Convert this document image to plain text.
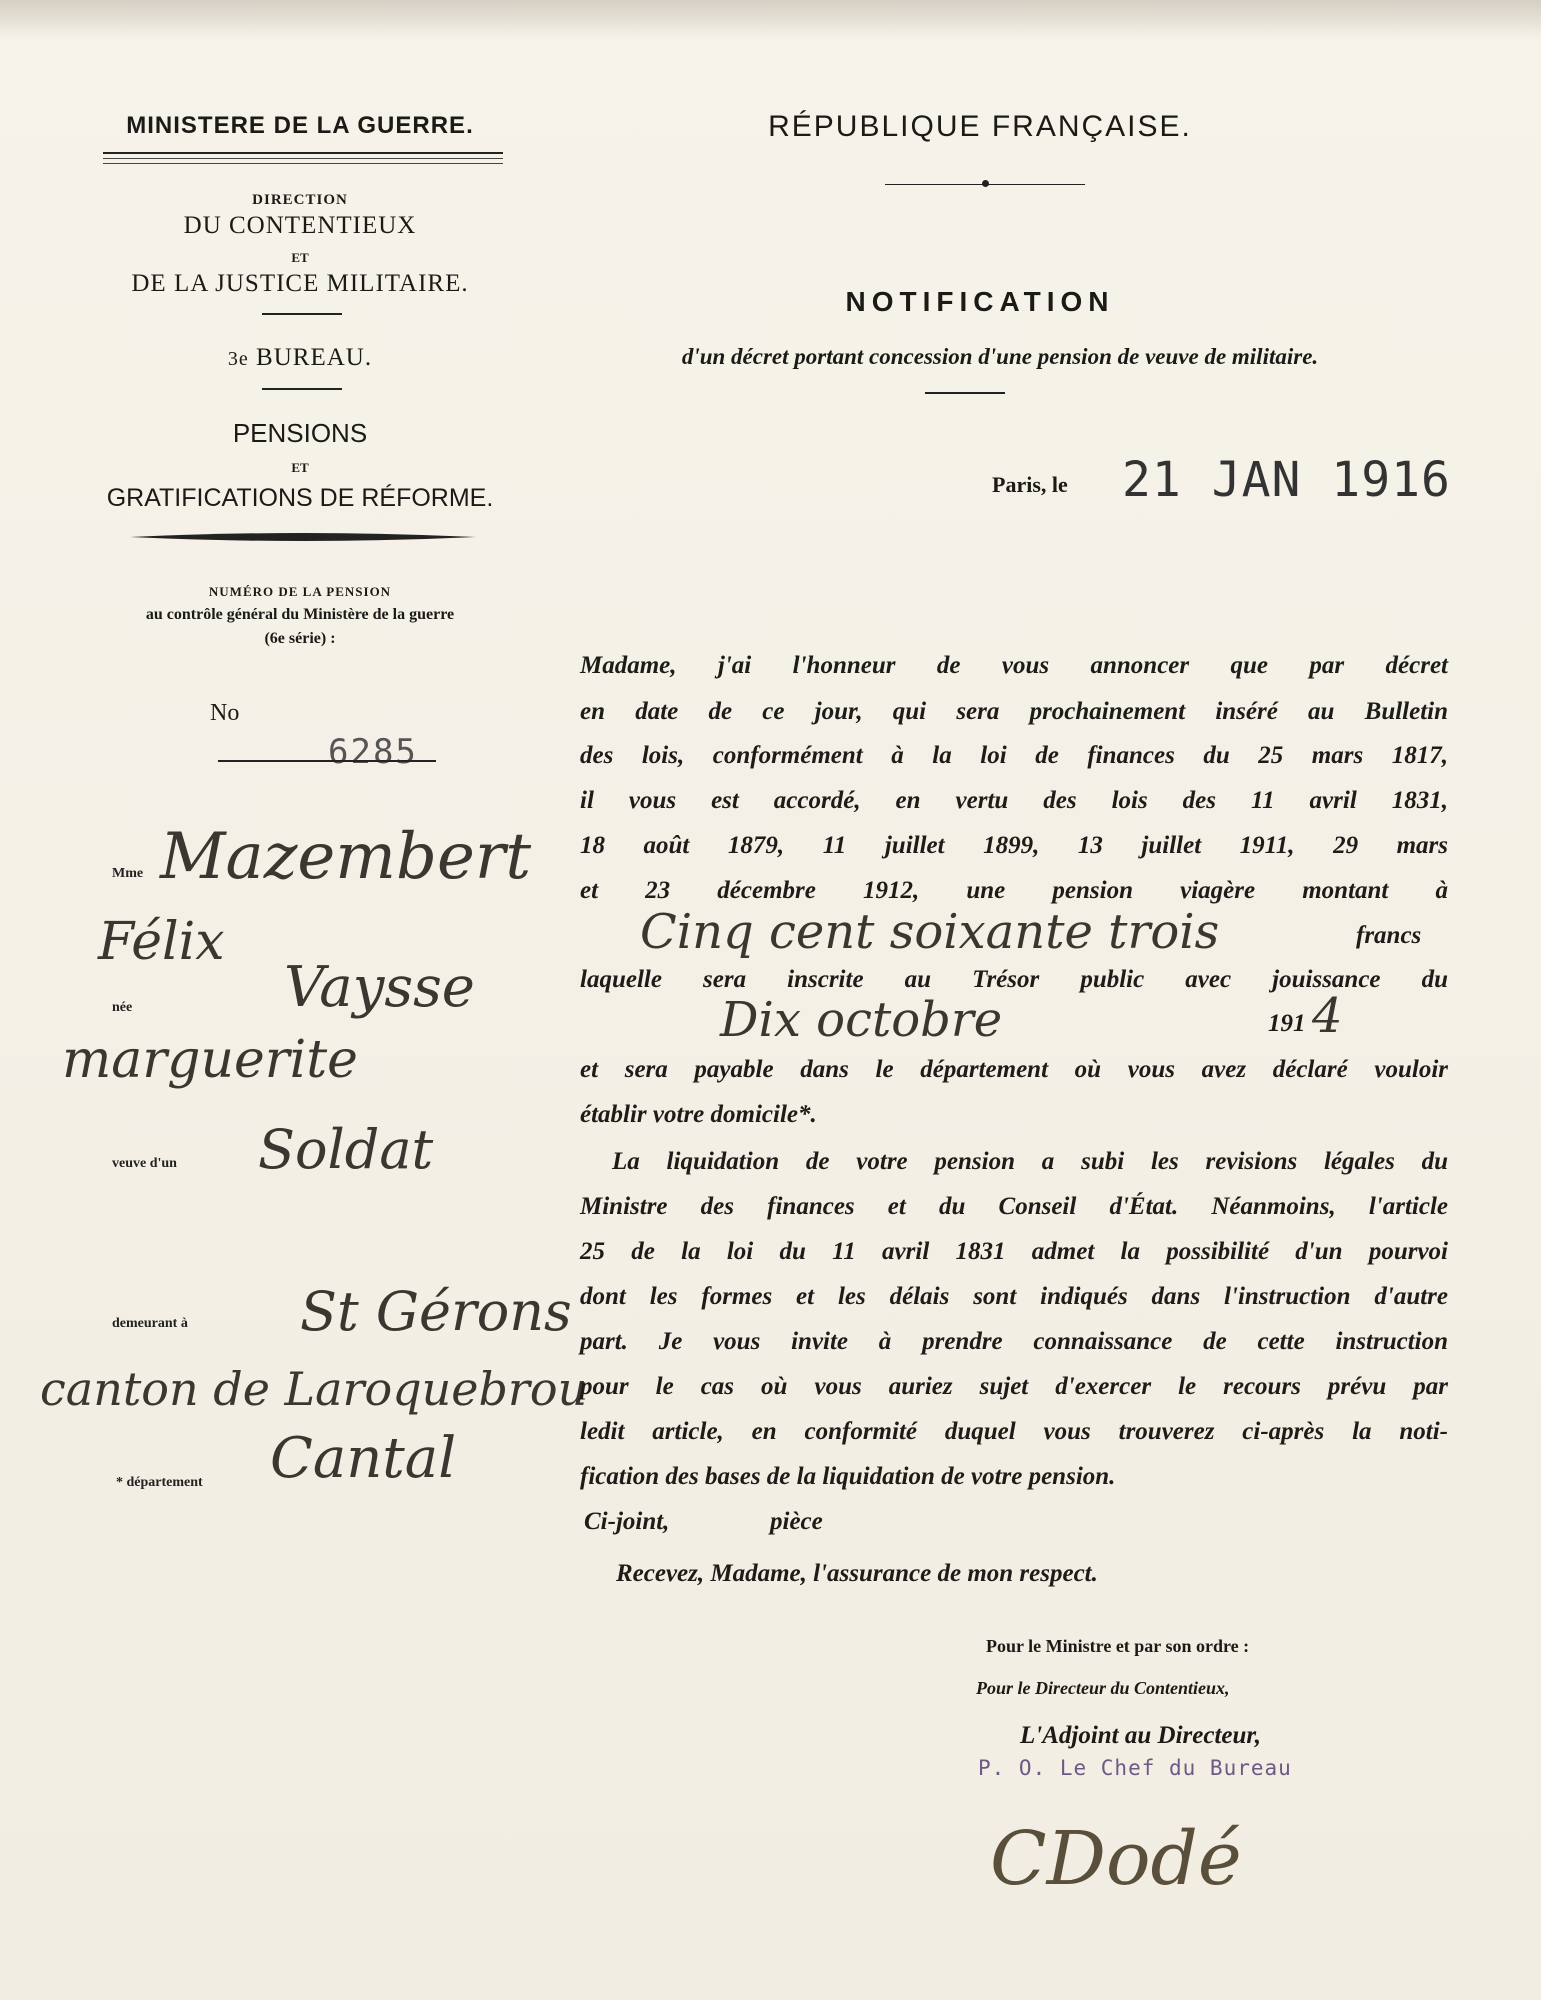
MINISTERE DE LA GUERRE.
DIRECTION
DU CONTENTIEUX
ET
DE LA JUSTICE MILITAIRE.
3e BUREAU.
PENSIONS
ET
GRATIFICATIONS DE RÉFORME.
NUMÉRO DE LA PENSION
au contrôle général du Ministère de la guerre
(6e série) :
No
6285
Mme Mazembert
Félix
née	Vaysse
marguerite
veuve d'un Soldat
demeurant à St Gérons
canton de Laroquebrou
* département Cantal
RÉPUBLIQUE FRANÇAISE.
NOTIFICATION
d'un décret portant concession d'une pension de veuve de militaire.
Paris, le 21 JAN 1916
Madame, j'ai l'honneur de vous annoncer que par décret
en date de ce jour, qui sera prochainement inséré au Bulletin
des lois, conformément à la loi de finances du 25 mars 1817,
il vous est accordé, en vertu des lois des 11 avril 1831,
18 août 1879, 11 juillet 1899, 13 juillet 1911, 29 mars
et 23 décembre 1912, une pension viagère montant à
Cinq cent soixante trois	francs
laquelle sera inscrite au Trésor public avec jouissance du
Dix octobre	191 4
et sera payable dans le département où vous avez déclaré vouloir
établir votre domicile*.
La liquidation de votre pension a subi les revisions légales du
Ministre des finances et du Conseil d'État. Néanmoins, l'article
25 de la loi du 11 avril 1831 admet la possibilité d'un pourvoi
dont les formes et les délais sont indiqués dans l'instruction d'autre
part. Je vous invite à prendre connaissance de cette instruction
pour le cas où vous auriez sujet d'exercer le recours prévu par
ledit article, en conformité duquel vous trouverez ci-après la noti-
fication des bases de la liquidation de votre pension.
Ci-joint,	pièce
Recevez, Madame, l'assurance de mon respect.
Pour le Ministre et par son ordre :
Pour le Directeur du Contentieux,
L'Adjoint au Directeur,
P. O. Le Chef du Bureau
CDodé
